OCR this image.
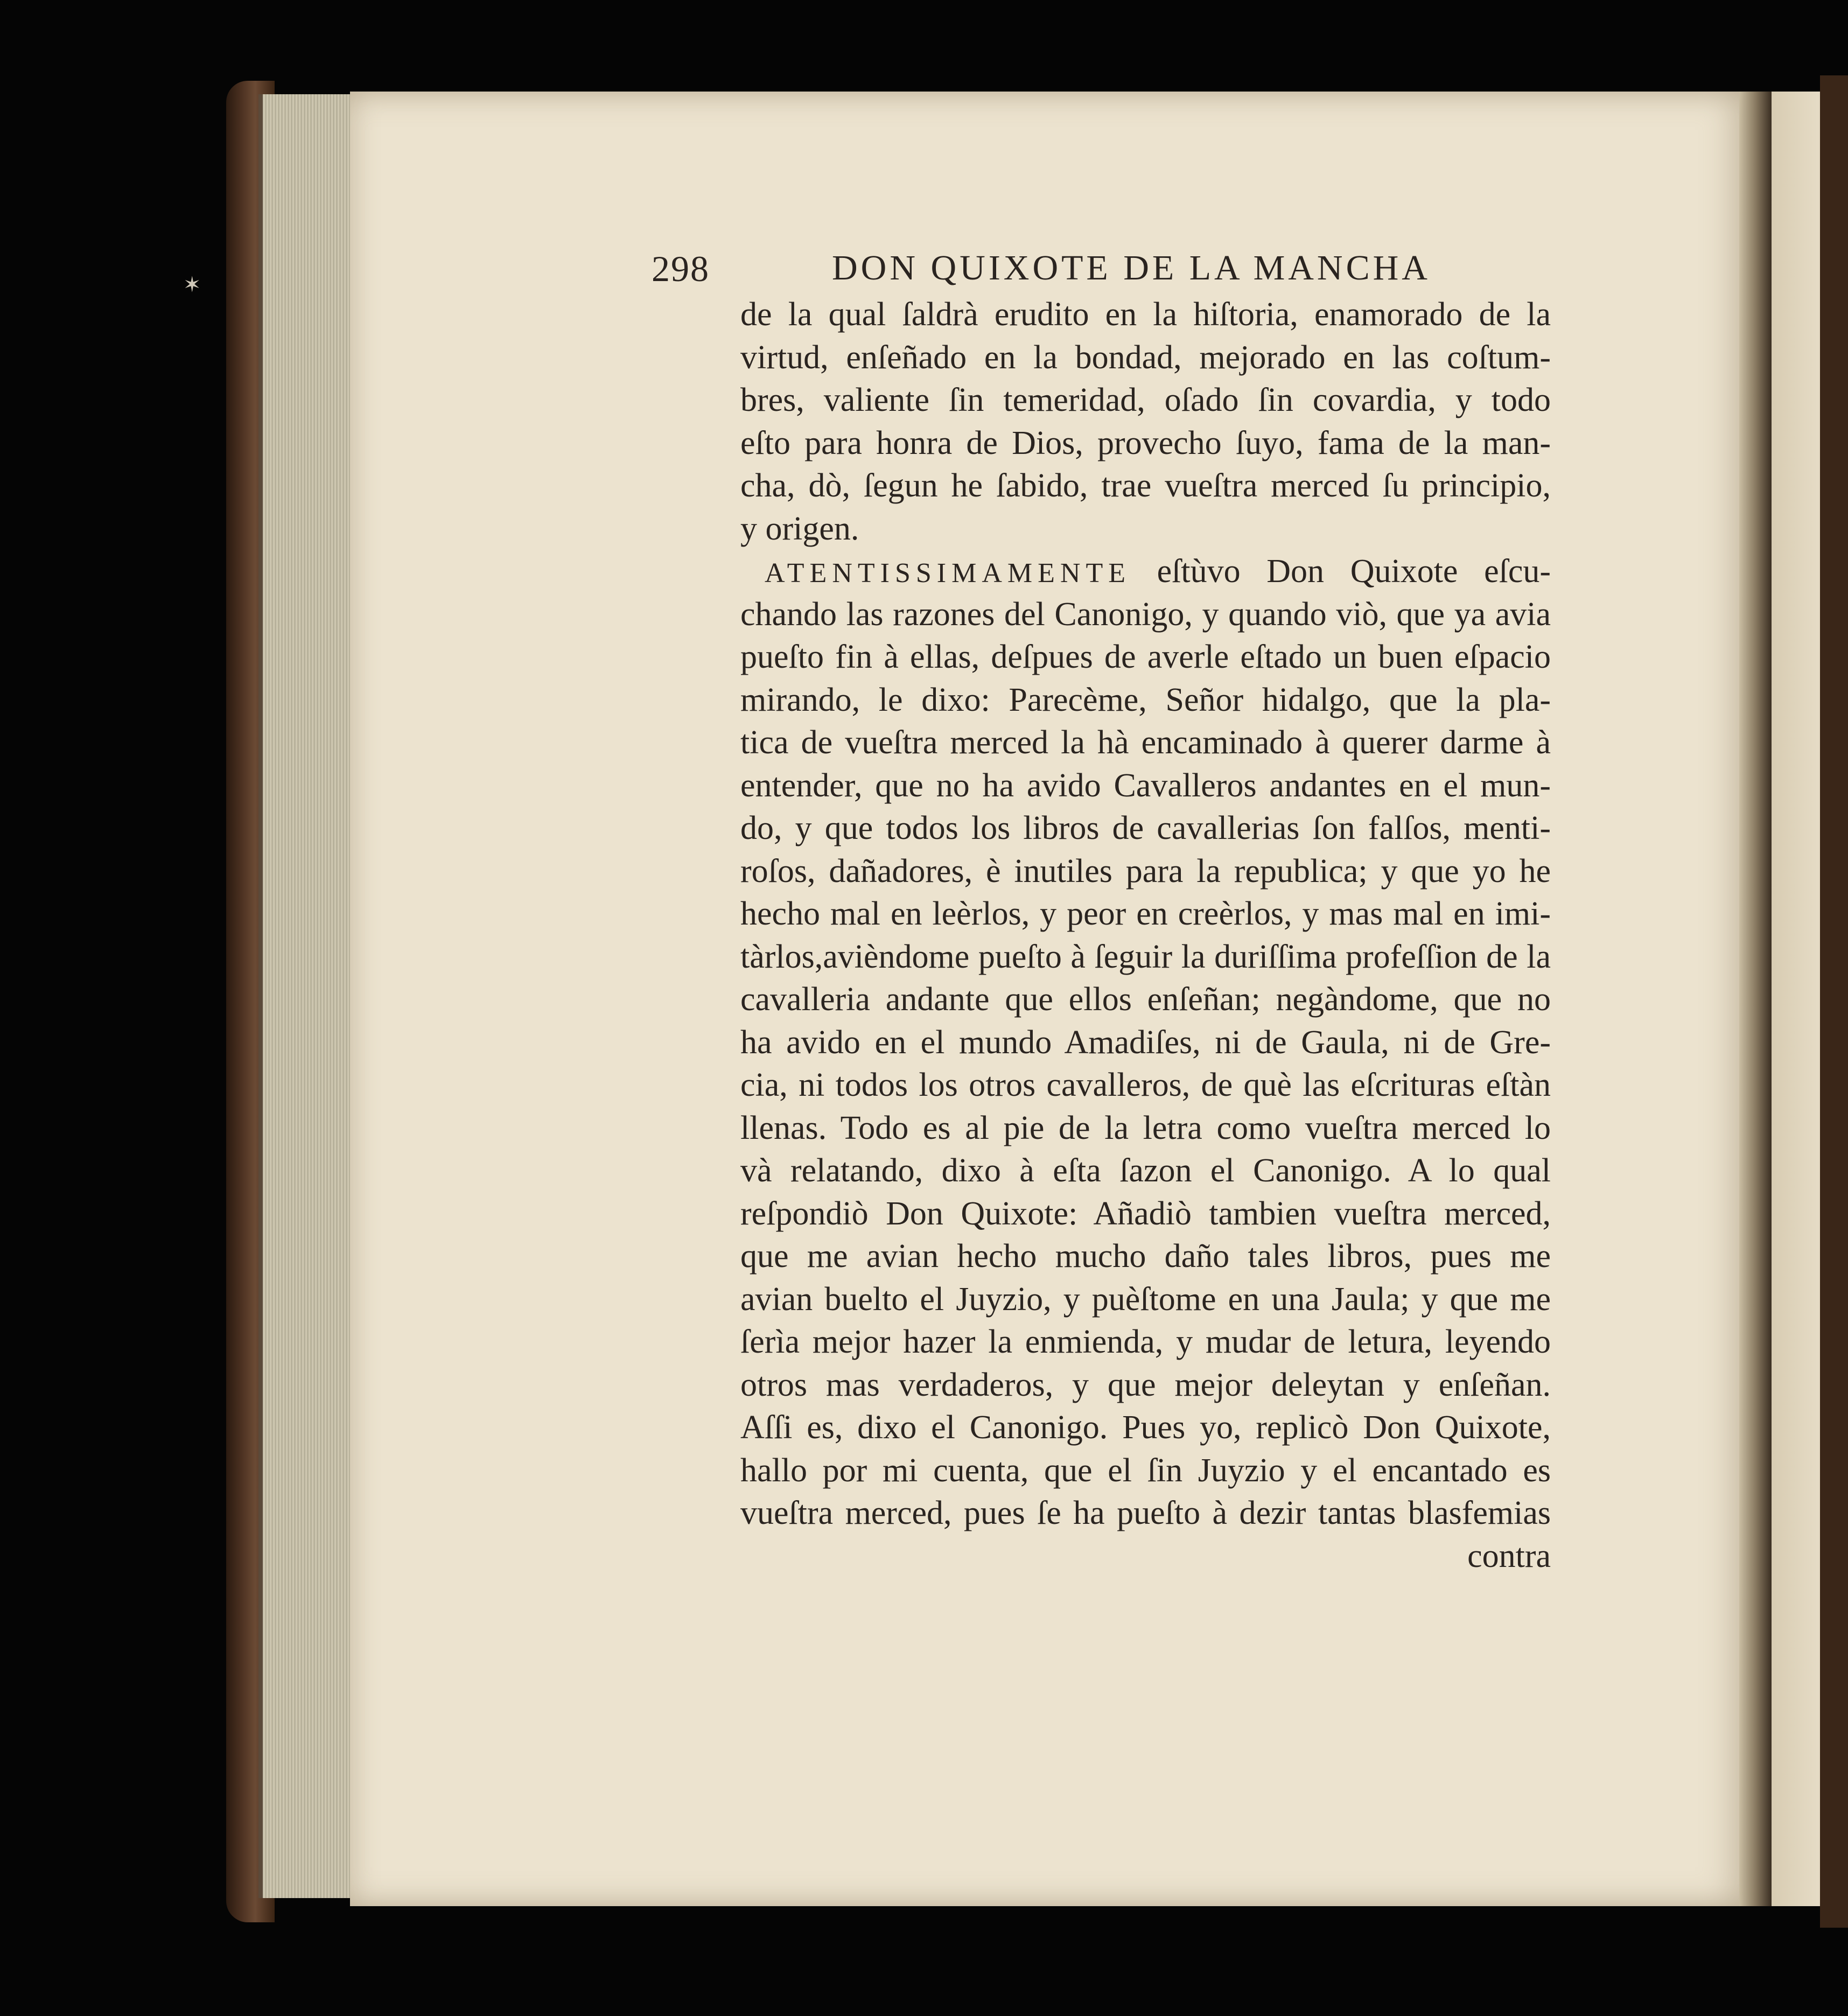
✶	298	DON QUIXOTE DE LA MANCHA
de la qual ſaldrà erudito en la hiſtoria, enamorado de la
virtud, enſeñado en la bondad, mejorado en las coſtum-
bres, valiente ſin temeridad, oſado ſin covardia, y todo
eſto para honra de Dios, provecho ſuyo, fama de la man-
cha, dò, ſegun he ſabido, trae vueſtra merced ſu principio,
y origen.
ATENTISSIMAMENTE eſtùvo Don Quixote eſcu-
chando las razones del Canonigo, y quando viò, que ya avia
pueſto fin à ellas, deſpues de averle eſtado un buen eſpacio
mirando, le dixo: Parecème, Señor hidalgo, que la pla-
tica de vueſtra merced la hà encaminado à querer darme à
entender, que no ha avido Cavalleros andantes en el mun-
do, y que todos los libros de cavallerias ſon falſos, menti-
roſos, dañadores, è inutiles para la republica; y que yo he
hecho mal en leèrlos, y peor en creèrlos, y mas mal en imi-
tàrlos,avièndome pueſto à ſeguir la duriſſima profeſſion de la
cavalleria andante que ellos enſeñan; negàndome, que no
ha avido en el mundo Amadiſes, ni de Gaula, ni de Gre-
cia, ni todos los otros cavalleros, de què las eſcrituras eſtàn
llenas. Todo es al pie de la letra como vueſtra merced lo
và relatando, dixo à eſta ſazon el Canonigo. A lo qual
reſpondiò Don Quixote: Añadiò tambien vueſtra merced,
que me avian hecho mucho daño tales libros, pues me
avian buelto el Juyzio, y puèſtome en una Jaula; y que me
ſerìa mejor hazer la enmienda, y mudar de letura, leyendo
otros mas verdaderos, y que mejor deleytan y enſeñan.
Aſſi es, dixo el Canonigo. Pues yo, replicò Don Quixote,
hallo por mi cuenta, que el ſin Juyzio y el encantado es
vueſtra merced, pues ſe ha pueſto à dezir tantas blasfemias
contra
